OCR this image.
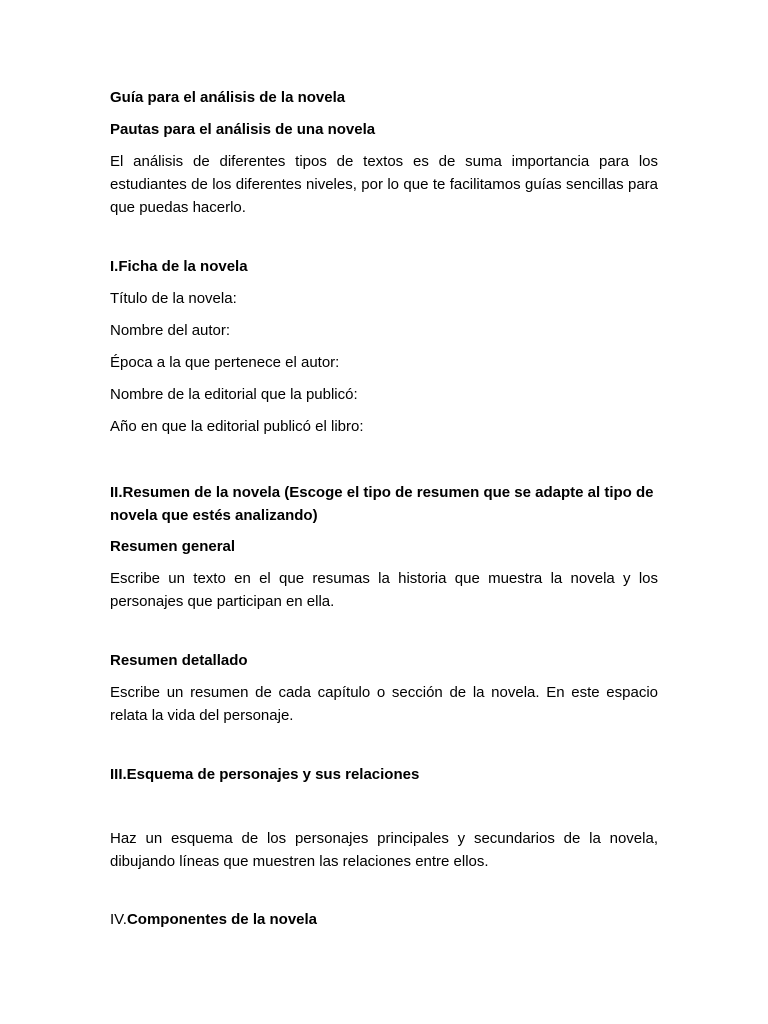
Guía para el análisis de la novela
Pautas para el análisis de una novela
El análisis de diferentes tipos de textos es de suma importancia para los estudiantes de los diferentes niveles, por lo que te facilitamos guías sencillas para que puedas hacerlo.
I.Ficha de la novela
Título de la novela:
Nombre del autor:
Época a la que pertenece el autor:
Nombre de la editorial que la publicó:
Año en que la editorial publicó el libro:
II.Resumen de la novela (Escoge el tipo de resumen que se adapte al tipo de novela que estés analizando)
Resumen general
Escribe un texto en el que resumas la historia que muestra la novela y los personajes que participan en ella.
Resumen detallado
Escribe un resumen de cada capítulo o sección de la novela. En este espacio relata la vida del personaje.
III.Esquema de personajes y sus relaciones
Haz un esquema de los personajes principales y secundarios de la novela, dibujando líneas que muestren las relaciones entre ellos.
IV.Componentes de la novela
